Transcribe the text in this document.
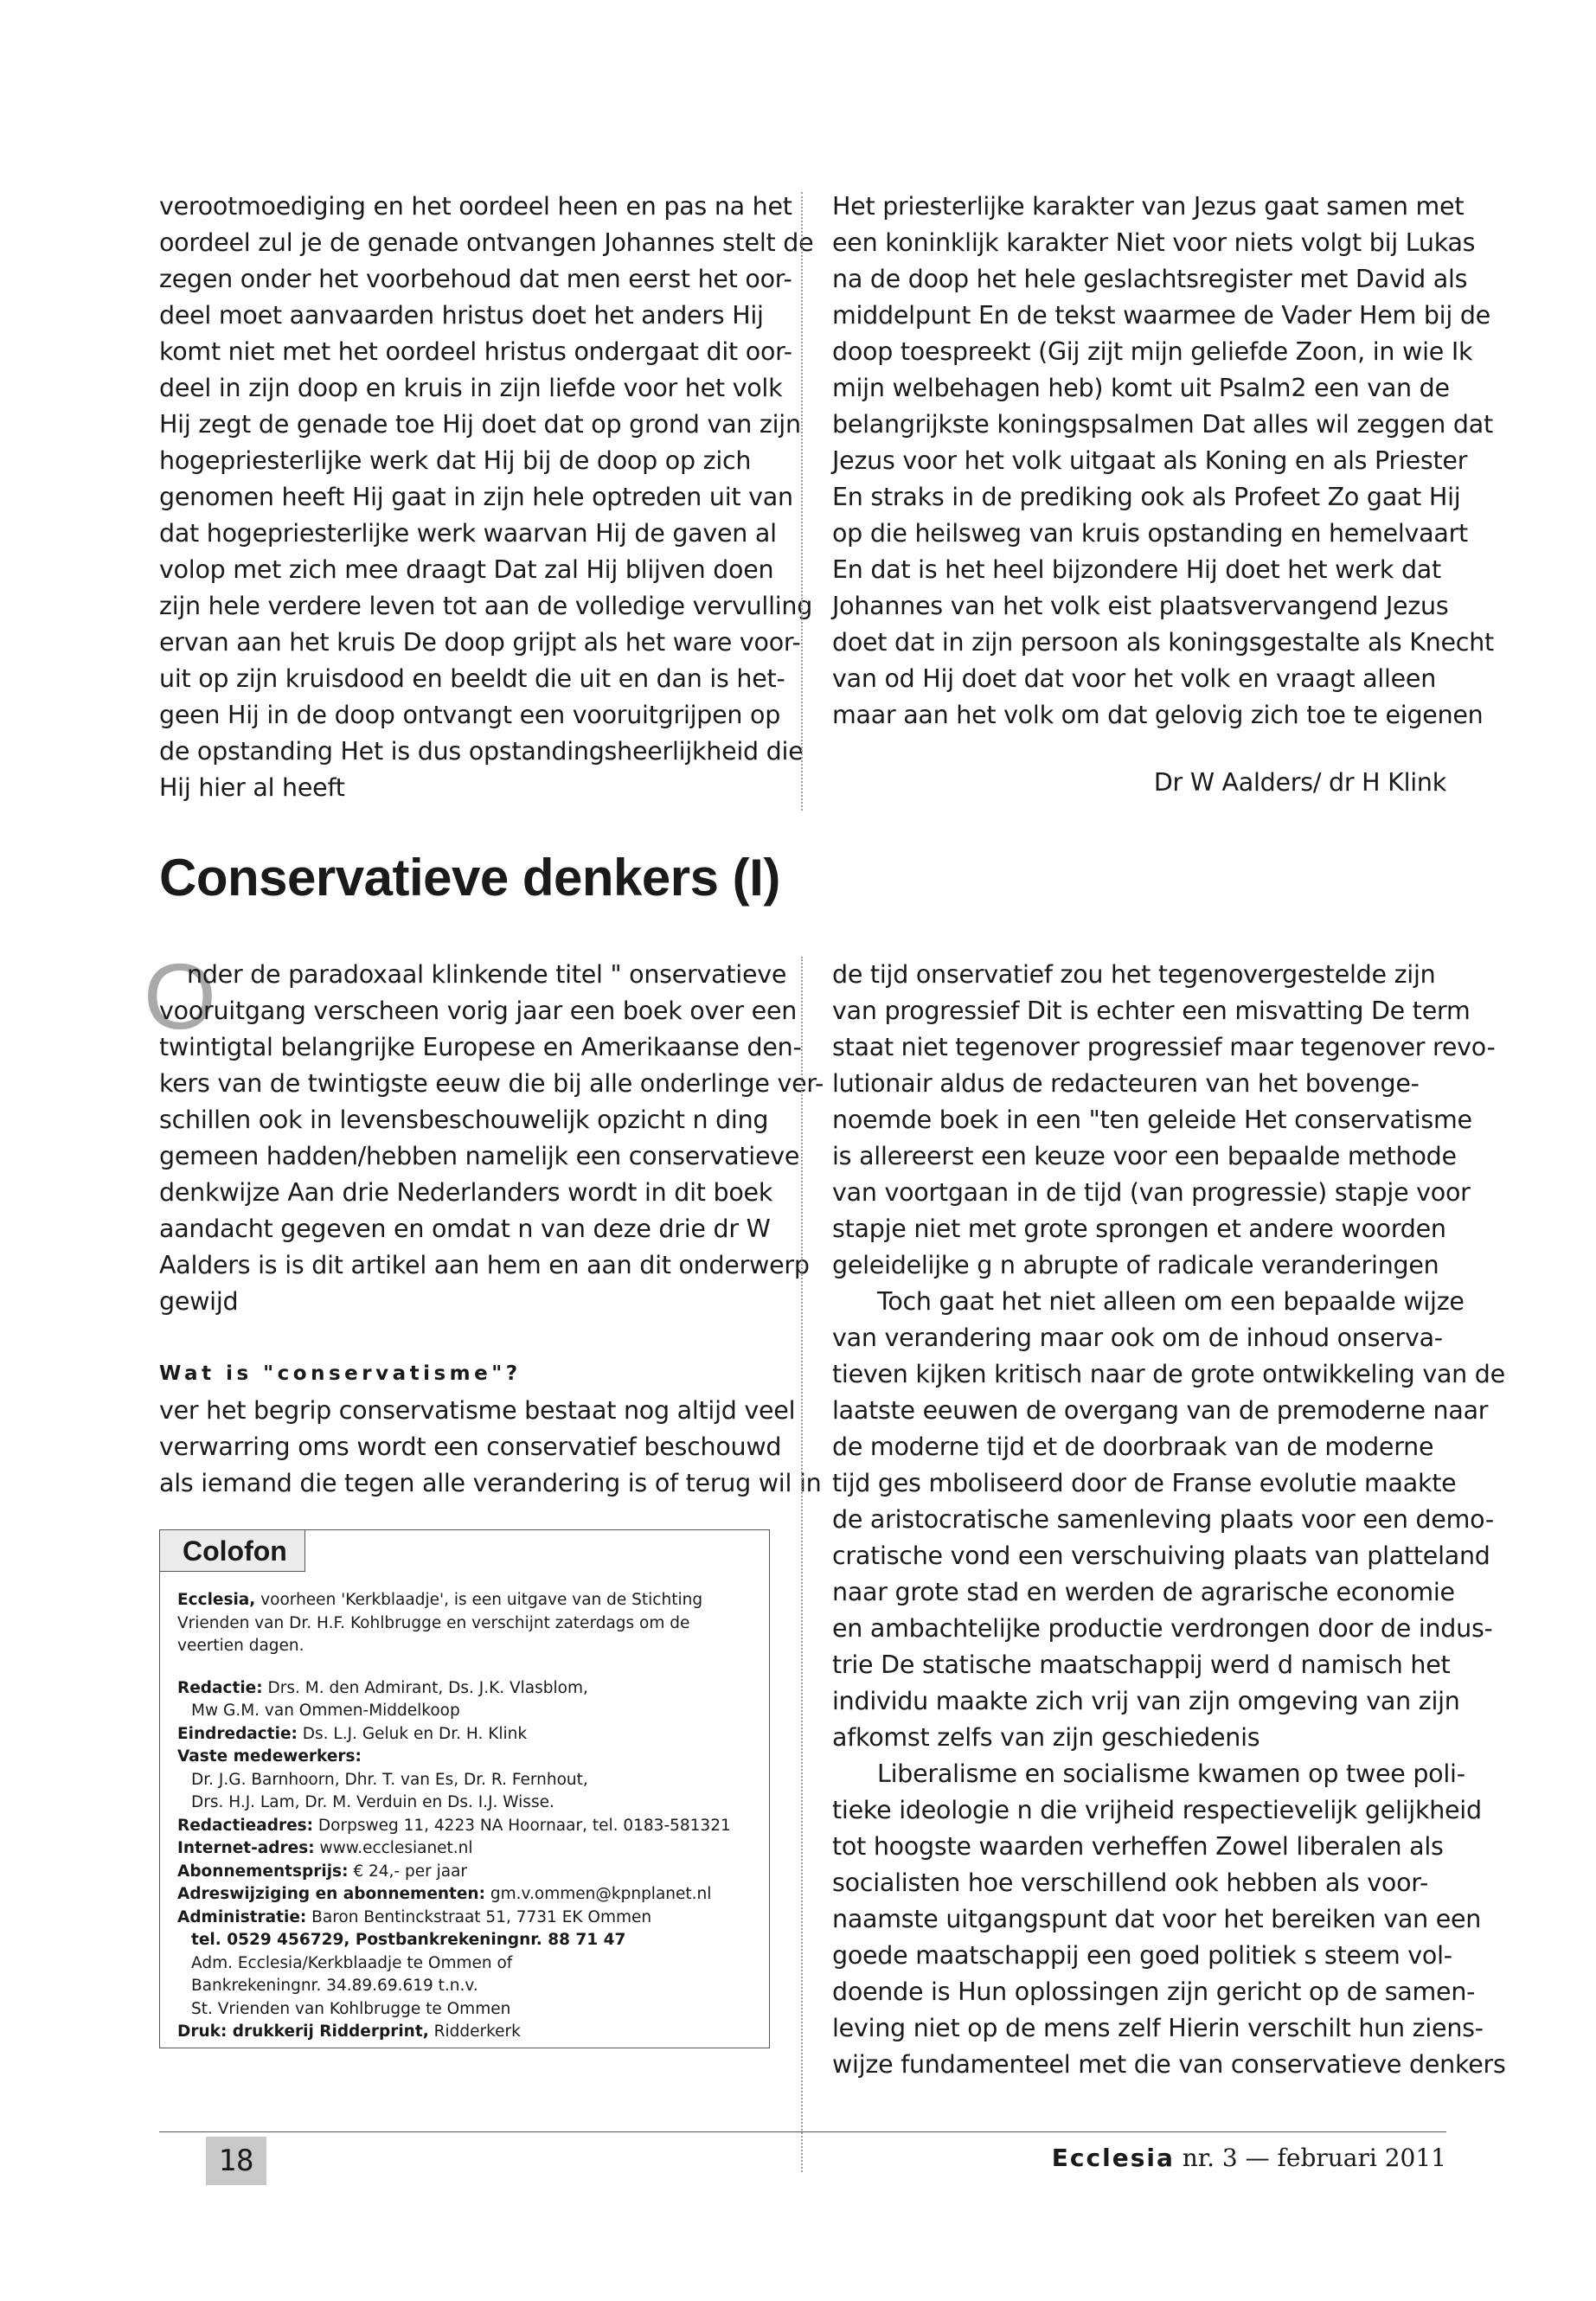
verootmoediging en het oordeel heen en pas na het
oordeel zul je de genade ontvangen Johannes stelt de
zegen onder het voorbehoud dat men eerst het oor-
deel moet aanvaarden hristus doet het anders Hij
komt niet met het oordeel hristus ondergaat dit oor-
deel in zijn doop en kruis in zijn liefde voor het volk
Hij zegt de genade toe Hij doet dat op grond van zijn
hogepriesterlijke werk dat Hij bij de doop op zich
genomen heeft Hij gaat in zijn hele optreden uit van
dat hogepriesterlijke werk waarvan Hij de gaven al
volop met zich mee draagt Dat zal Hij blijven doen
zijn hele verdere leven tot aan de volledige vervulling
ervan aan het kruis De doop grijpt als het ware voor-
uit op zijn kruisdood en beeldt die uit en dan is het-
geen Hij in de doop ontvangt een vooruitgrijpen op
de opstanding Het is dus opstandingsheerlijkheid die
Hij hier al heeft
Het priesterlijke karakter van Jezus gaat samen met
een koninklijk karakter Niet voor niets volgt bij Lukas
na de doop het hele geslachtsregister met David als
middelpunt En de tekst waarmee de Vader Hem bij de
doop toespreekt (Gij zijt mijn geliefde Zoon, in wie Ik
mijn welbehagen heb) komt uit Psalm2 een van de
belangrijkste koningspsalmen Dat alles wil zeggen dat
Jezus voor het volk uitgaat als Koning en als Priester
En straks in de prediking ook als Profeet Zo gaat Hij
op die heilsweg van kruis opstanding en hemelvaart
En dat is het heel bijzondere Hij doet het werk dat
Johannes van het volk eist plaatsvervangend Jezus
doet dat in zijn persoon als koningsgestalte als Knecht
van od Hij doet dat voor het volk en vraagt alleen
maar aan het volk om dat gelovig zich toe te eigenen
Dr W Aalders/ dr H Klink
Conservatieve denkers (I)
O
nder de paradoxaal klinkende titel " onservatieve
vooruitgang verscheen vorig jaar een boek over een
twintigtal belangrijke Europese en Amerikaanse den-
kers van de twintigste eeuw die bij alle onderlinge ver-
schillen ook in levensbeschouwelijk opzicht n ding
gemeen hadden/hebben namelijk een conservatieve
denkwijze Aan drie Nederlanders wordt in dit boek
aandacht gegeven en omdat n van deze drie dr W
Aalders is is dit artikel aan hem en aan dit onderwerp
gewijd
Wat is "conservatisme"?
ver het begrip conservatisme bestaat nog altijd veel
verwarring oms wordt een conservatief beschouwd
als iemand die tegen alle verandering is of terug wil in
de tijd onservatief zou het tegenovergestelde zijn
van progressief Dit is echter een misvatting De term
staat niet tegenover progressief maar tegenover revo-
lutionair aldus de redacteuren van het bovenge-
noemde boek in een "ten geleide Het conservatisme
is allereerst een keuze voor een bepaalde methode
van voortgaan in de tijd (van progressie) stapje voor
stapje niet met grote sprongen et andere woorden
geleidelijke g n abrupte of radicale veranderingen
Toch gaat het niet alleen om een bepaalde wijze
van verandering maar ook om de inhoud onserva-
tieven kijken kritisch naar de grote ontwikkeling van de
laatste eeuwen de overgang van de premoderne naar
de moderne tijd et de doorbraak van de moderne
tijd ges mboliseerd door de Franse evolutie maakte
de aristocratische samenleving plaats voor een demo-
cratische vond een verschuiving plaats van platteland
naar grote stad en werden de agrarische economie
en ambachtelijke productie verdrongen door de indus-
trie De statische maatschappij werd d namisch het
individu maakte zich vrij van zijn omgeving van zijn
afkomst zelfs van zijn geschiedenis
Liberalisme en socialisme kwamen op twee poli-
tieke ideologie n die vrijheid respectievelijk gelijkheid
tot hoogste waarden verheffen Zowel liberalen als
socialisten hoe verschillend ook hebben als voor-
naamste uitgangspunt dat voor het bereiken van een
goede maatschappij een goed politiek s steem vol-
doende is Hun oplossingen zijn gericht op de samen-
leving niet op de mens zelf Hierin verschilt hun ziens-
wijze fundamenteel met die van conservatieve denkers
Colofon

Ecclesia, voorheen 'Kerkblaadje', is een uitgave van de Stichting Vrienden van Dr. H.F. Kohlbrugge en verschijnt zaterdags om de veertien dagen.

Redactie: Drs. M. den Admirant, Ds. J.K. Vlasblom,

Mw G.M. van Ommen-Middelkoop

Eindredactie: Ds. L.J. Geluk en Dr. H. Klink

Vaste medewerkers:

Dr. J.G. Barnhoorn, Dhr. T. van Es, Dr. R. Fernhout,

Drs. H.J. Lam, Dr. M. Verduin en Ds. I.J. Wisse.

Redactieadres: Dorpsweg 11, 4223 NA Hoornaar, tel. 0183-581321

Internet-adres: www.ecclesianet.nl

Abonnementsprijs: € 24,- per jaar

Adreswijziging en abonnementen: gm.v.ommen@kpnplanet.nl

Administratie: Baron Bentinckstraat 51, 7731 EK Ommen

tel. 0529 456729, Postbankrekeningnr. 88 71 47

Adm. Ecclesia/Kerkblaadje te Ommen of

Bankrekeningnr. 34.89.69.619 t.n.v.

St. Vrienden van Kohlbrugge te Ommen

Druk: drukkerij Ridderprint, Ridderkerk

18	Ecclesia nr. 3 — februari 2011
